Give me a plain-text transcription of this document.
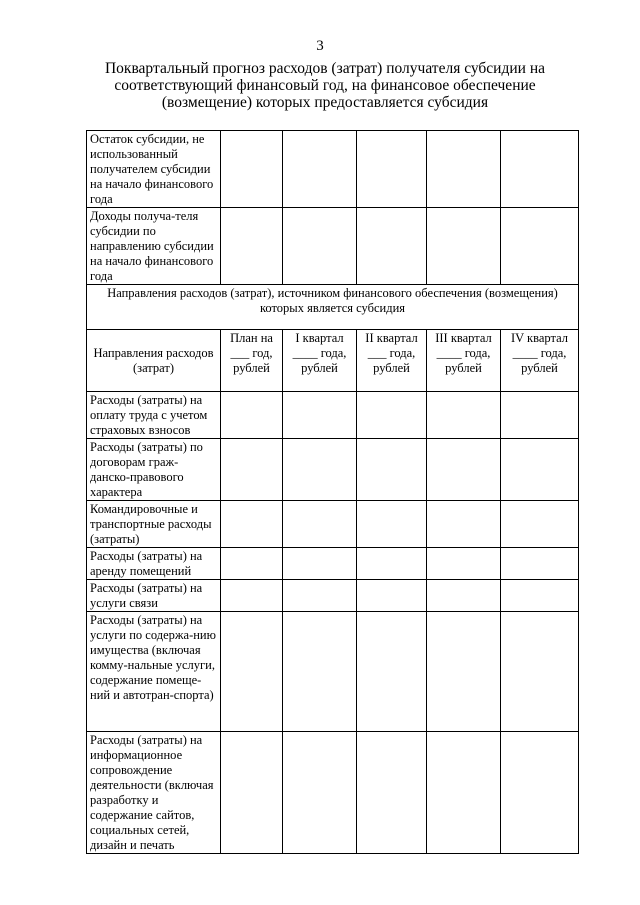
3
Поквартальный прогноз расходов (затрат) получателя субсидии на соответствующий финансовый год, на финансовое обеспечение (возмещение) которых предоставляется субсидия
Остаток субсидии, не использованный получателем субсидии на начало финансового года					
Доходы получа-теля субсидии по направлению субсидии на начало финансового года					
Направления расходов (затрат), источником финансового обеспечения (возмещения) которых является субсидия					
Направления расходов (затрат)	План на ___ год, рублей	I квартал ____ года, рублей	II квартал ___ года, рублей	III квартал ____ года, рублей	IV квартал ____ года, рублей
Расходы (затраты) на оплату труда с учетом страховых взносов					
Расходы (затраты) по договорам граж-данско-правового характера					
Командировочные и транспортные расходы (затраты)					
Расходы (затраты) на аренду помещений					
Расходы (затраты) на услуги связи					
Расходы (затраты) на услуги по содержа-нию имущества (включая комму-нальные услуги, содержание помеще-ний и автотран-спорта)					
Расходы (затраты) на информационное сопровождение деятельности (включая разработку и содержание сайтов, социальных сетей, дизайн и печать					
